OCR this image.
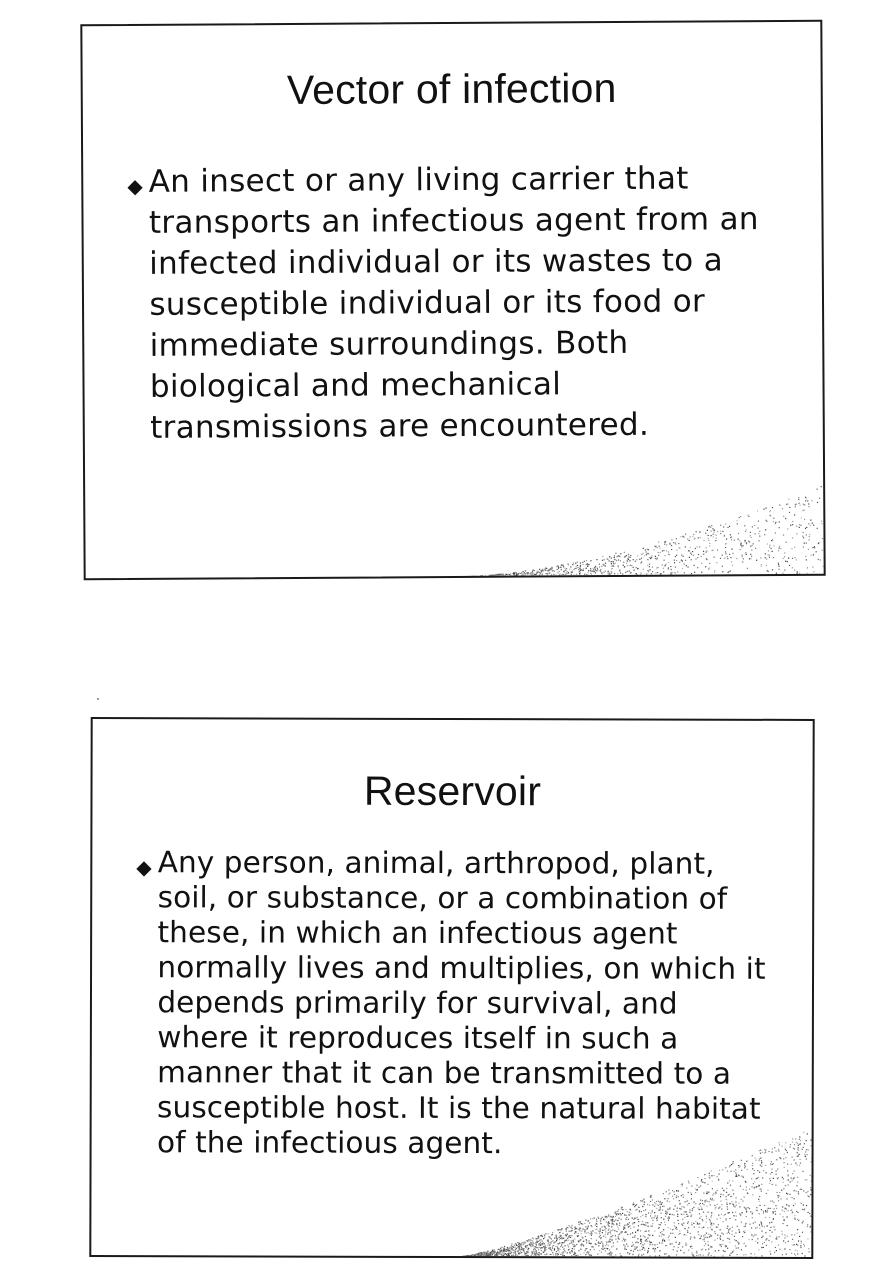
Vector of infection
◆ An insect or any living carrier that transports an infectious agent from an infected individual or its wastes to a susceptible individual or its food or immediate surroundings. Both biological and mechanical transmissions are encountered.

Reservoir
◆ Any person, animal, arthropod, plant, soil, or substance, or a combination of these, in which an infectious agent normally lives and multiplies, on which it depends primarily for survival, and where it reproduces itself in such a manner that it can be transmitted to a susceptible host. It is the natural habitat of the infectious agent.
